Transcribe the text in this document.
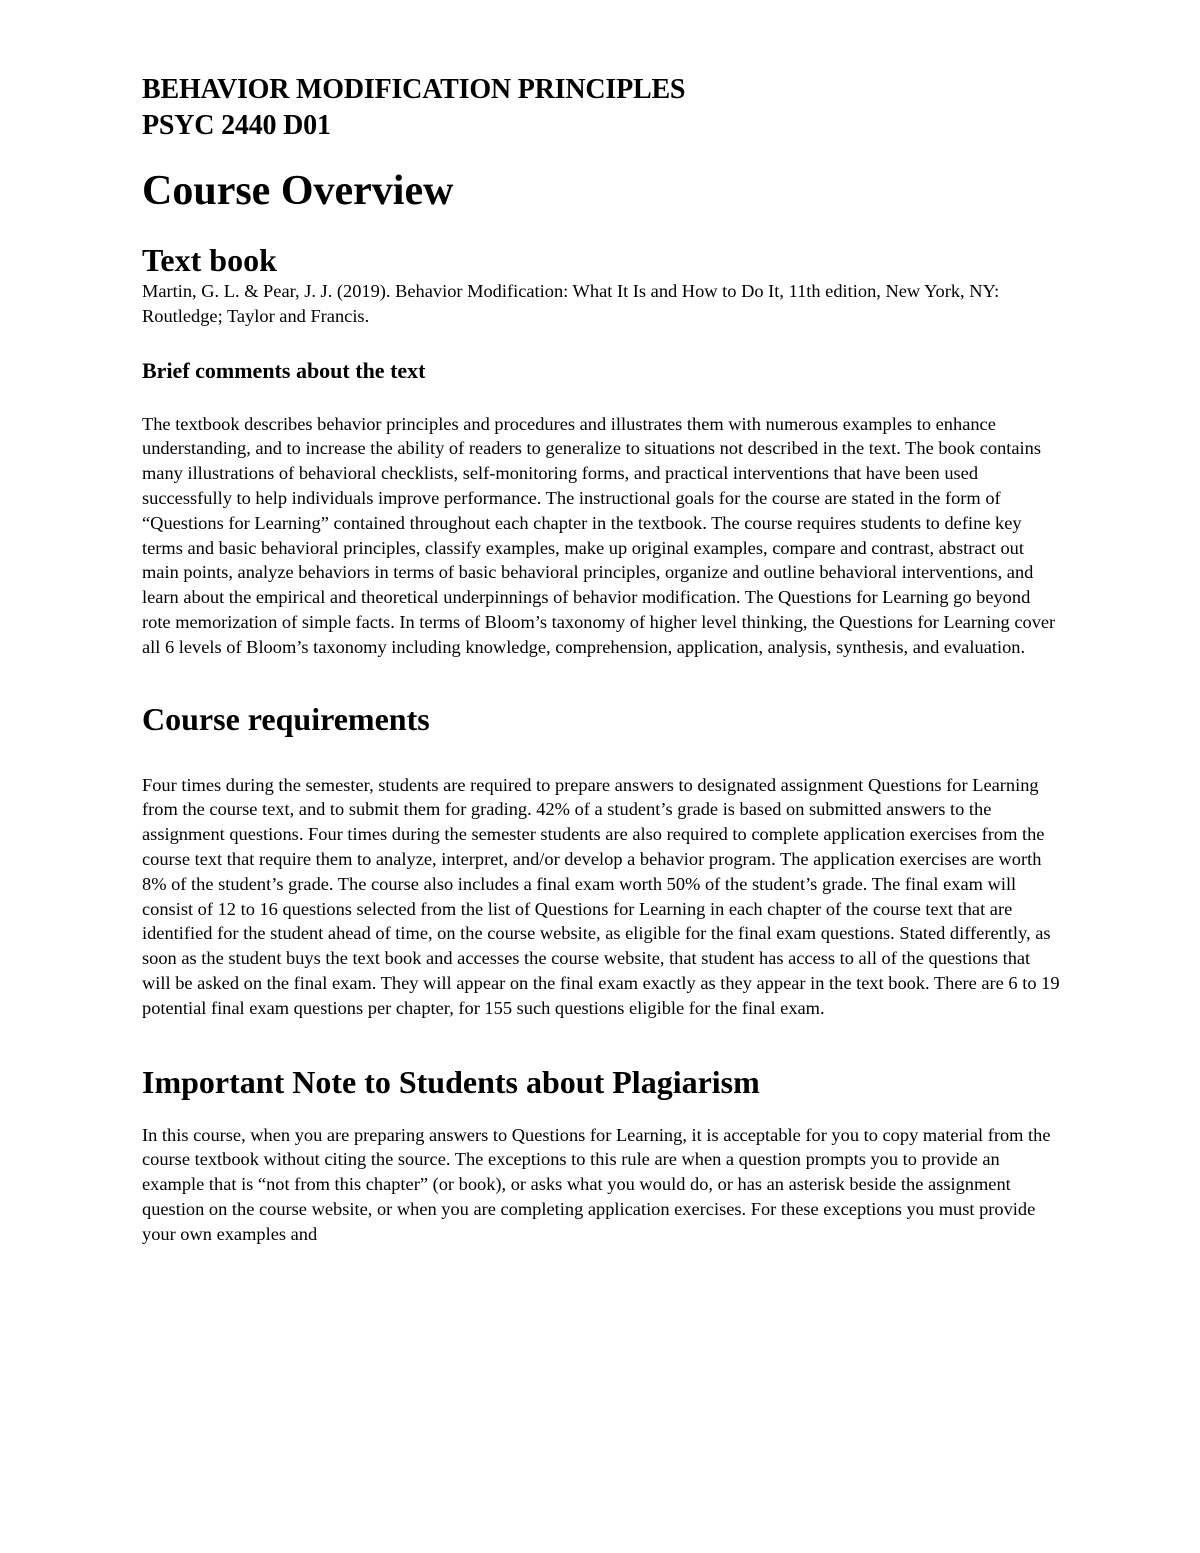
BEHAVIOR MODIFICATION PRINCIPLES
PSYC 2440 D01
Course Overview
Text book

Martin, G. L. & Pear, J. J. (2019). Behavior Modification: What It Is and How to Do It, 11th edition, New York, NY: Routledge; Taylor and Francis.

Brief comments about the text

The textbook describes behavior principles and procedures and illustrates them with numerous examples to enhance understanding, and to increase the ability of readers to generalize to situations not described in the text. The book contains many illustrations of behavioral checklists, self-monitoring forms, and practical interventions that have been used successfully to help individuals improve performance. The instructional goals for the course are stated in the form of “Questions for Learning” contained throughout each chapter in the textbook. The course requires students to define key terms and basic behavioral principles, classify examples, make up original examples, compare and contrast, abstract out main points, analyze behaviors in terms of basic behavioral principles, organize and outline behavioral interventions, and learn about the empirical and theoretical underpinnings of behavior modification. The Questions for Learning go beyond rote memorization of simple facts. In terms of Bloom’s taxonomy of higher level thinking, the Questions for Learning cover all 6 levels of Bloom’s taxonomy including knowledge, comprehension, application, analysis, synthesis, and evaluation.

Course requirements

Four times during the semester, students are required to prepare answers to designated assignment Questions for Learning from the course text, and to submit them for grading. 42% of a student’s grade is based on submitted answers to the assignment questions. Four times during the semester students are also required to complete application exercises from the course text that require them to analyze, interpret, and/or develop a behavior program. The application exercises are worth 8% of the student’s grade. The course also includes a final exam worth 50% of the student’s grade. The final exam will consist of 12 to 16 questions selected from the list of Questions for Learning in each chapter of the course text that are identified for the student ahead of time, on the course website, as eligible for the final exam questions. Stated differently, as soon as the student buys the text book and accesses the course website, that student has access to all of the questions that will be asked on the final exam. They will appear on the final exam exactly as they appear in the text book. There are 6 to 19 potential final exam questions per chapter, for 155 such questions eligible for the final exam.

Important Note to Students about Plagiarism

In this course, when you are preparing answers to Questions for Learning, it is acceptable for you to copy material from the course textbook without citing the source. The exceptions to this rule are when a question prompts you to provide an example that is “not from this chapter” (or book), or asks what you would do, or has an asterisk beside the assignment question on the course website, or when you are completing application exercises. For these exceptions you must provide your own examples and
